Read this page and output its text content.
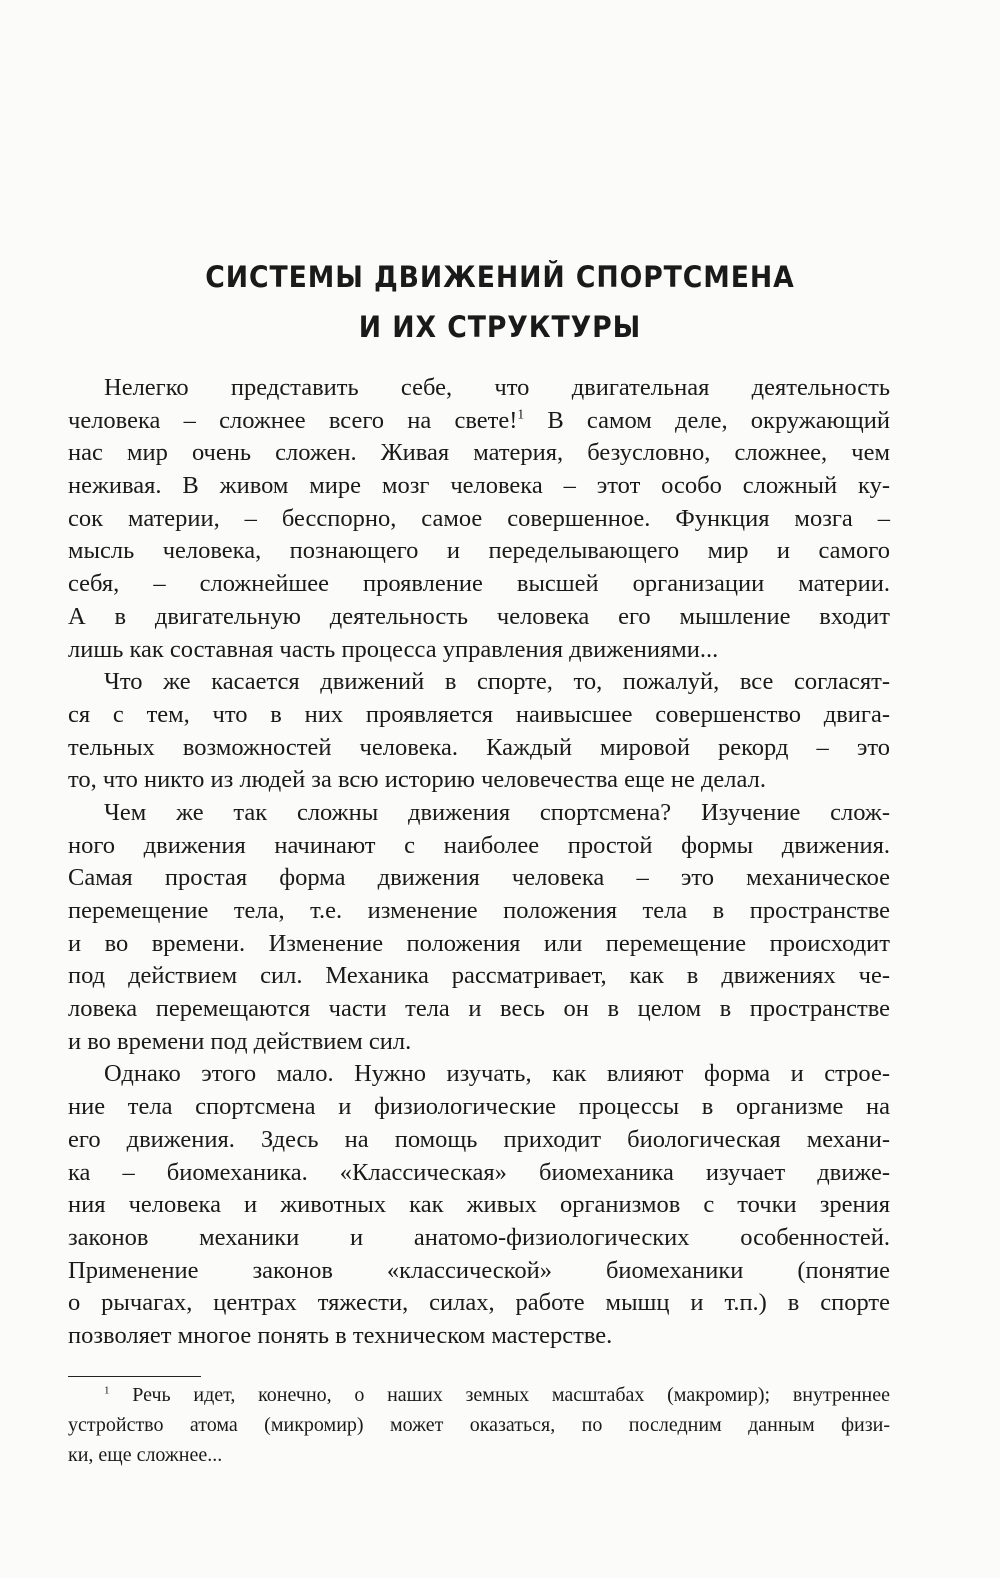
СИСТЕМЫ ДВИЖЕНИЙ СПОРТСМЕНА
И ИХ СТРУКТУРЫ
Нелегко представить себе, что двигательная деятельность
человека – сложнее всего на свете!$^1$ В самом деле, окружающий
нас мир очень сложен. Живая материя, безусловно, сложнее, чем
неживая. В живом мире мозг человека – этот особо сложный ку-
сок материи, – бесспорно, самое совершенное. Функция мозга –
мысль человека, познающего и переделывающего мир и самого
себя, – сложнейшее проявление высшей организации материи.
А в двигательную деятельность человека его мышление входит
лишь как составная часть процесса управления движениями...
Что же касается движений в спорте, то, пожалуй, все согласят-
ся с тем, что в них проявляется наивысшее совершенство двига-
тельных возможностей человека. Каждый мировой рекорд – это
то, что никто из людей за всю историю человечества еще не делал.
Чем же так сложны движения спортсмена? Изучение слож-
ного движения начинают с наиболее простой формы движения.
Самая простая форма движения человека – это механическое
перемещение тела, т.е. изменение положения тела в пространстве
и во времени. Изменение положения или перемещение происходит
под действием сил. Механика рассматривает, как в движениях че-
ловека перемещаются части тела и весь он в целом в пространстве
и во времени под действием сил.
Однако этого мало. Нужно изучать, как влияют форма и строе-
ние тела спортсмена и физиологические процессы в организме на
его движения. Здесь на помощь приходит биологическая механи-
ка – биомеханика. «Классическая» биомеханика изучает движе-
ния человека и животных как живых организмов с точки зрения
законов механики и анатомо-физиологических особенностей.
Применение законов «классической» биомеханики (понятие
о рычагах, центрах тяжести, силах, работе мышц и т.п.) в спорте
позволяет многое понять в техническом мастерстве.
$^1$ Речь идет, конечно, о наших земных масштабах (макромир); внутреннее
устройство атома (микромир) может оказаться, по последним данным физи-
ки, еще сложнее...
